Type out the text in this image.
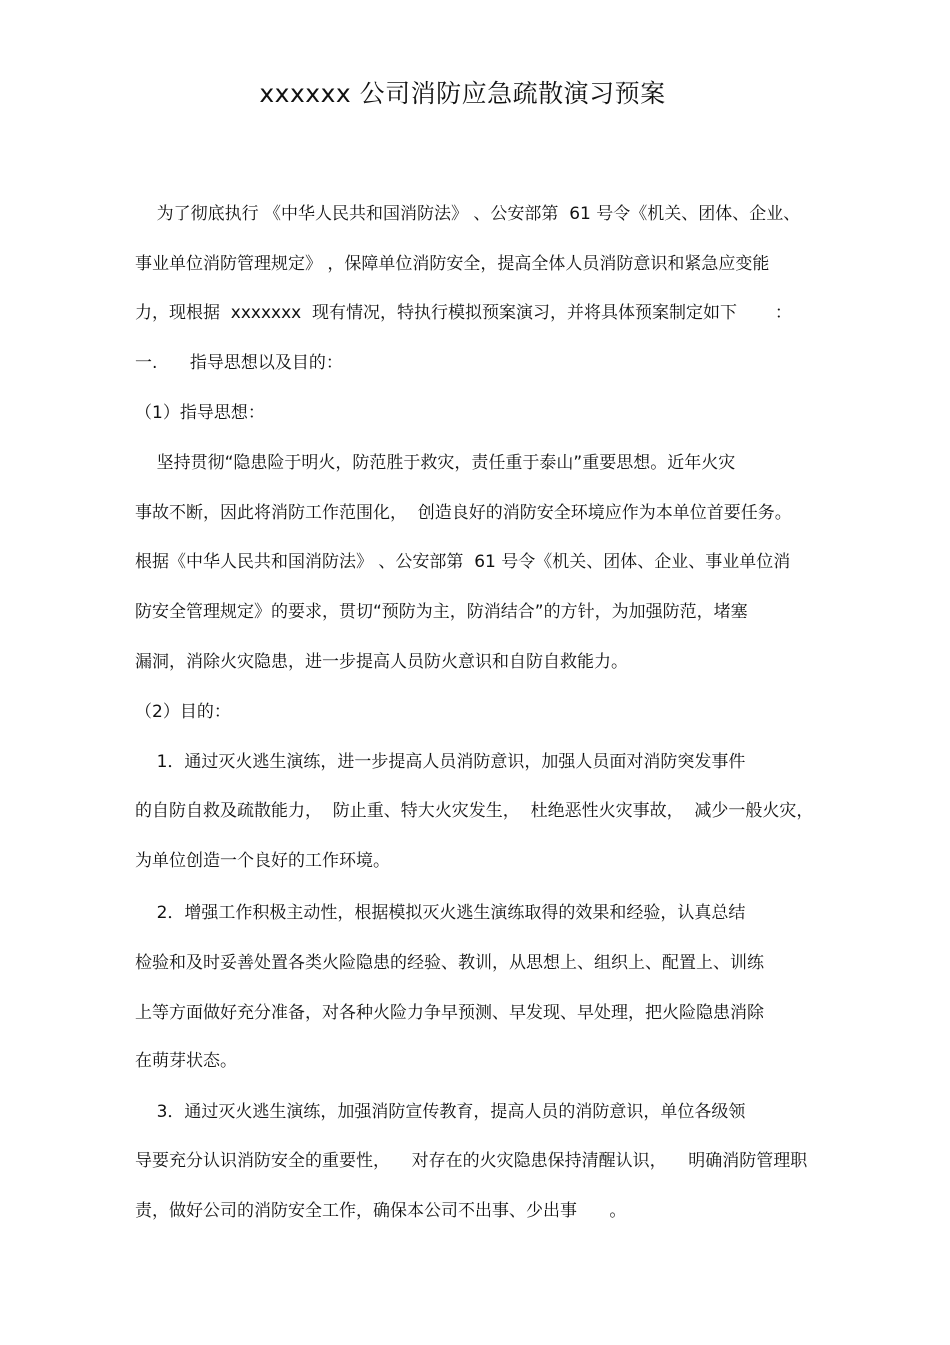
xxxxxx 公司消防应急疏散演习预案
为了彻底执行 《中华人民共和国消防法》 、公安部第  61 号令《机关、团体、企业、
事业单位消防管理规定》 ，保障单位消防安全，提高全体人员消防意识和紧急应变能
力，现根据  xxxxxxx  现有情况，特执行模拟预案演习，并将具体预案制定如下       ：
一.      指导思想以及目的：
（1）指导思想：
坚持贯彻“隐患险于明火，防范胜于救灾，责任重于泰山”重要思想。近年火灾
事故不断，因此将消防工作范围化，  创造良好的消防安全环境应作为本单位首要任务。
根据《中华人民共和国消防法》 、公安部第  61 号令《机关、团体、企业、事业单位消
防安全管理规定》的要求，贯切“预防为主，防消结合”的方针，为加强防范，堵塞
漏洞，消除火灾隐患，进一步提高人员防火意识和自防自救能力。
（2）目的：
1．通过灭火逃生演练，进一步提高人员消防意识，加强人员面对消防突发事件
的自防自救及疏散能力，  防止重、特大火灾发生，  杜绝恶性火灾事故，  减少一般火灾，
为单位创造一个良好的工作环境。
2．增强工作积极主动性，根据模拟灭火逃生演练取得的效果和经验，认真总结
检验和及时妥善处置各类火险隐患的经验、教训，从思想上、组织上、配置上、训练
上等方面做好充分准备，对各种火险力争早预测、早发现、早处理，把火险隐患消除
在萌芽状态。
3．通过灭火逃生演练，加强消防宣传教育，提高人员的消防意识，单位各级领
导要充分认识消防安全的重要性，    对存在的火灾隐患保持清醒认识，    明确消防管理职
责，做好公司的消防安全工作，确保本公司不出事、少出事      。
